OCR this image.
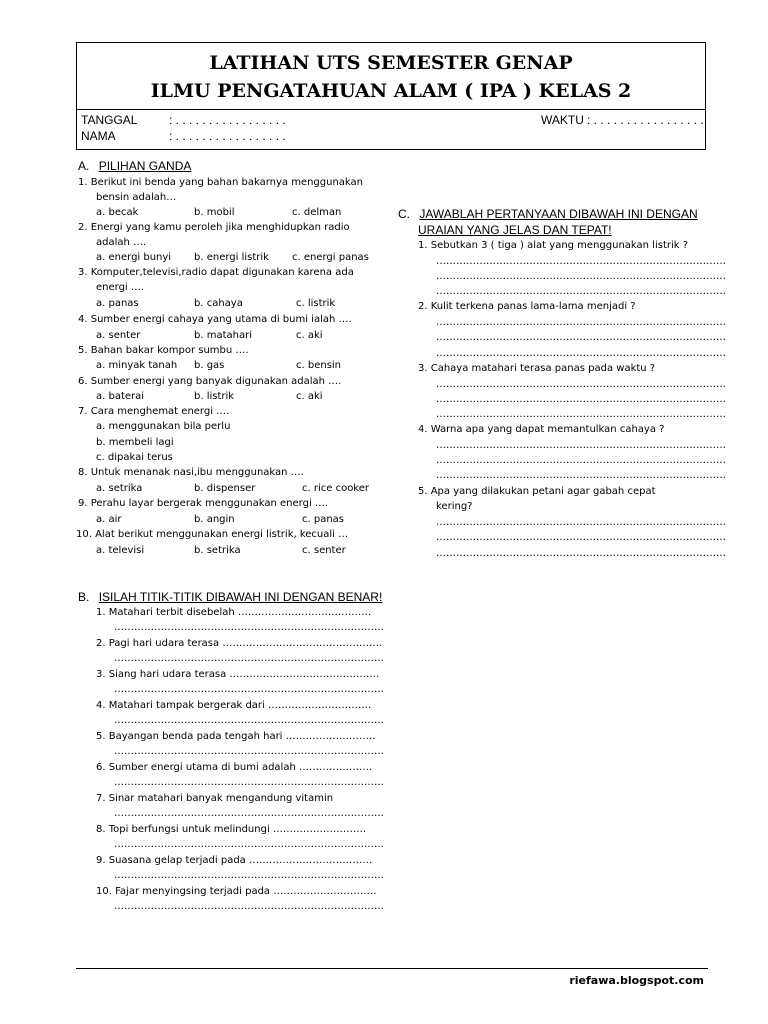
LATIHAN UTS SEMESTER GENAP
ILMU PENGATAHUAN ALAM ( IPA ) KELAS 2
TANGGAL	: . . . . . . . . . . . . . . . . .
NAMA	: . . . . . . . . . . . . . . . . .
WAKTU : . . . . . . . . . . . . . . . . .
A. PILIHAN GANDA
1. Berikut ini benda yang bahan bakarnya menggunakan
bensin adalah…
a. becak	b. mobil	c. delman
2. Energi yang kamu peroleh jika menghidupkan radio
adalah ….
a. energi bunyi b. energi listrik c. energi panas
3. Komputer,televisi,radio dapat digunakan karena ada
energi ….
a. panas	b. cahaya	c. listrik
4. Sumber energi cahaya yang utama di bumi ialah ….
a. senter	b. matahari	c. aki
5. Bahan bakar kompor sumbu ….
a. minyak tanah b. gas	c. bensin
6. Sumber energi yang banyak digunakan adalah ….
a. baterai	b. listrik	c. aki
7. Cara menghemat energi ….
a. menggunakan bila perlu
b. membeli lagi
c. dipakai terus
8. Untuk menanak nasi,ibu menggunakan ….
a. setrika	b. dispenser	c. rice cooker
9. Perahu layar bergerak menggunakan energi ….
a. air	b. angin	c. panas
10. Alat berikut menggunakan energi listrik, kecuali …
a. televisi	b. setrika	c. senter
B. ISILAH TITIK-TITIK DIBAWAH INI DENGAN BENAR!
1. Matahari terbit disebelah ………………………………….
………………………………………………………………………
2. Pagi hari udara terasa …………………………………………
………………………………………………………………………
3. Siang hari udara terasa ………………………………………
………………………………………………………………………
4. Matahari tampak bergerak dari ………………………….
………………………………………………………………………
5. Bayangan benda pada tengah hari ………………………
………………………………………………………………………
6. Sumber energi utama di bumi adalah ………………….
………………………………………………………………………
7. Sinar matahari banyak mengandung vitamin
………………………………………………………………………
8. Topi berfungsi untuk melindungi ……………………….
………………………………………………………………………
9. Suasana gelap terjadi pada ……………………………….
………………………………………………………………………
10. Fajar menyingsing terjadi pada ………………………….
………………………………………………………………………
C. JAWABLAH PERTANYAAN DIBAWAH INI DENGAN
URAIAN YANG JELAS DAN TEPAT!
1. Sebutkan 3 ( tiga ) alat yang menggunakan listrik ?
……………………………………………………………………………
……………………………………………………………………………
……………………………………………………………………………
2. Kulit terkena panas lama-lama menjadi ?
……………………………………………………………………………
……………………………………………………………………………
……………………………………………………………………………
3. Cahaya matahari terasa panas pada waktu ?
……………………………………………………………………………
……………………………………………………………………………
……………………………………………………………………………
4. Warna apa yang dapat memantulkan cahaya ?
……………………………………………………………………………
……………………………………………………………………………
……………………………………………………………………………
5. Apa yang dilakukan petani agar gabah cepat
kering?
……………………………………………………………………………
……………………………………………………………………………
……………………………………………………………………………
riefawa.blogspot.com
